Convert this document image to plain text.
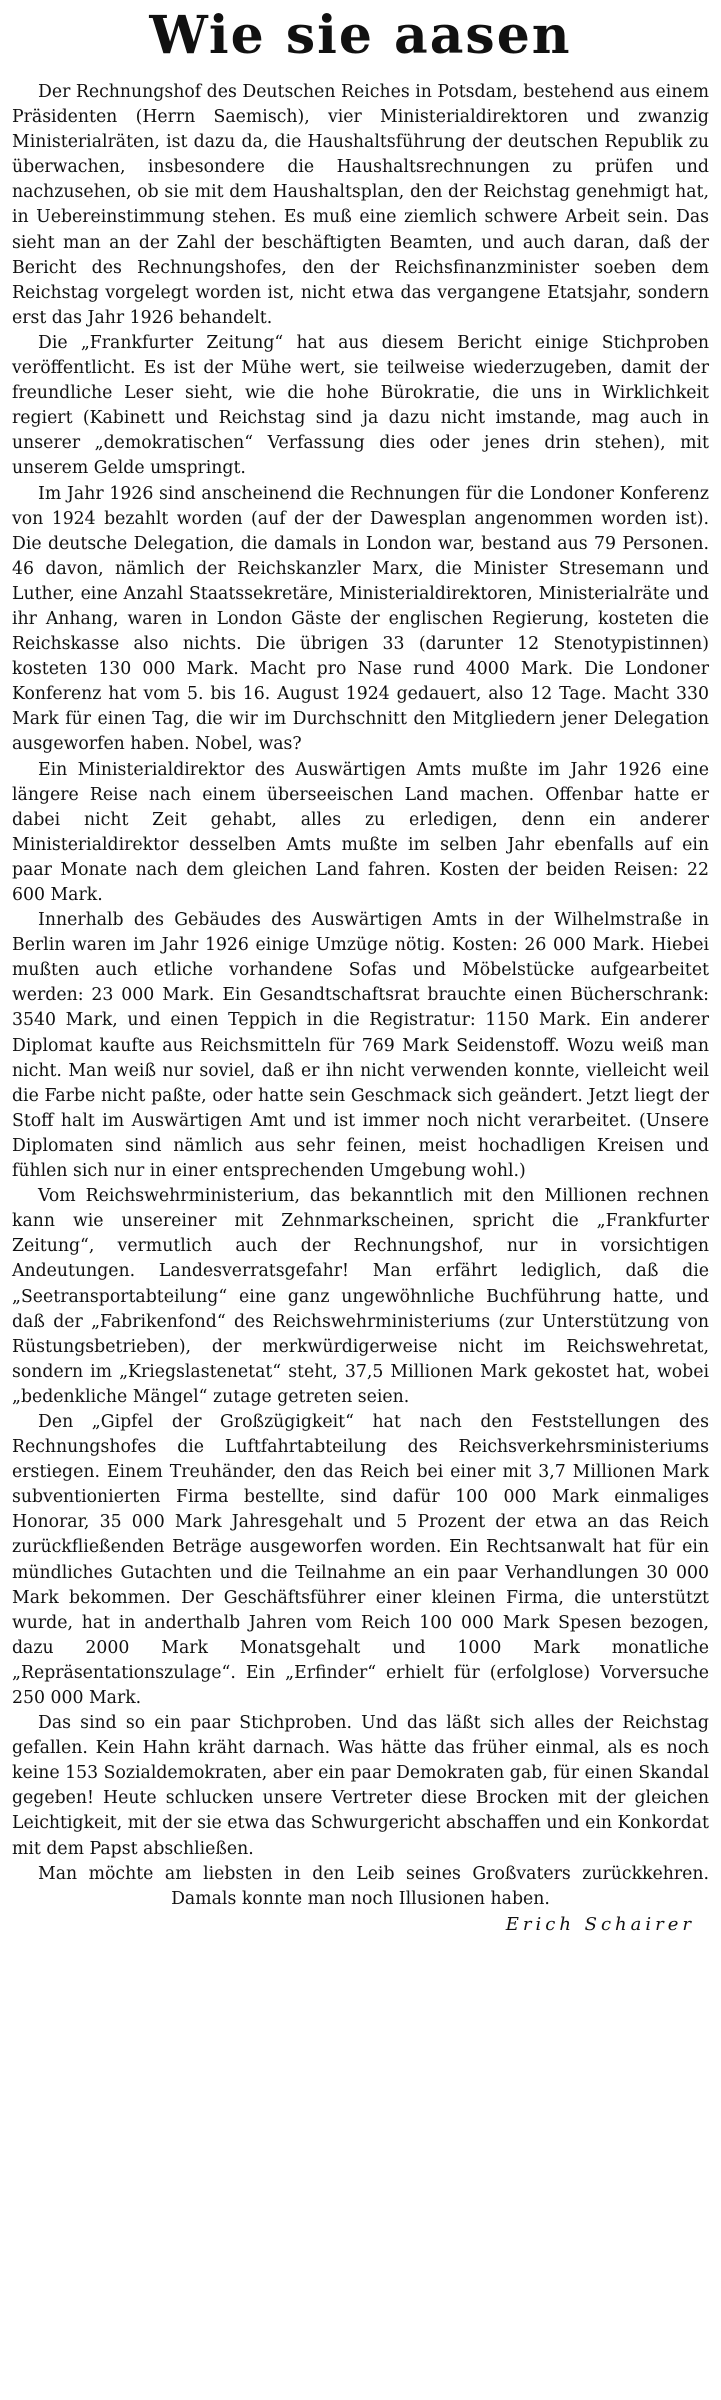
Wie sie aasen

Der Rechnungshof des Deutschen Reiches in Potsdam, bestehend aus einem Präsidenten (Herrn Saemisch), vier Ministerialdirektoren und zwanzig Ministerialräten, ist dazu da, die Haushaltsführung der deutschen Republik zu überwachen, insbesondere die Haushaltsrechnungen zu prüfen und nachzusehen, ob sie mit dem Haushaltsplan, den der Reichstag genehmigt hat, in Uebereinstimmung stehen. Es muß eine ziemlich schwere Arbeit sein. Das sieht man an der Zahl der beschäftigten Beamten, und auch daran, daß der Bericht des Rechnungshofes, den der Reichsfinanzminister soeben dem Reichstag vorgelegt worden ist, nicht etwa das vergangene Etatsjahr, sondern erst das Jahr 1926 behandelt.

Die „Frankfurter Zeitung“ hat aus diesem Bericht einige Stichproben veröffentlicht. Es ist der Mühe wert, sie teilweise wiederzugeben, damit der freundliche Leser sieht, wie die hohe Bürokratie, die uns in Wirklichkeit regiert (Kabinett und Reichstag sind ja dazu nicht imstande, mag auch in unserer „demokratischen“ Verfassung dies oder jenes drin stehen), mit unserem Gelde umspringt.

Im Jahr 1926 sind anscheinend die Rechnungen für die Londoner Konferenz von 1924 bezahlt worden (auf der der Dawesplan angenommen worden ist). Die deutsche Delegation, die damals in London war, bestand aus 79 Personen. 46 davon, nämlich der Reichskanzler Marx, die Minister Stresemann und Luther, eine Anzahl Staatssekretäre, Ministerialdirektoren, Ministerialräte und ihr Anhang, waren in London Gäste der englischen Regierung, kosteten die Reichskasse also nichts. Die übrigen 33 (darunter 12 Stenotypistinnen) kosteten 130 000 Mark. Macht pro Nase rund 4000 Mark. Die Londoner Konferenz hat vom 5. bis 16. August 1924 gedauert, also 12 Tage. Macht 330 Mark für einen Tag, die wir im Durchschnitt den Mitgliedern jener Delegation ausgeworfen haben. Nobel, was?

Ein Ministerialdirektor des Auswärtigen Amts mußte im Jahr 1926 eine längere Reise nach einem überseeischen Land machen. Offenbar hatte er dabei nicht Zeit gehabt, alles zu erledigen, denn ein anderer Ministerialdirektor desselben Amts mußte im selben Jahr ebenfalls auf ein paar Monate nach dem gleichen Land fahren. Kosten der beiden Reisen: 22 600 Mark.

Innerhalb des Gebäudes des Auswärtigen Amts in der Wilhelmstraße in Berlin waren im Jahr 1926 einige Umzüge nötig. Kosten: 26 000 Mark. Hiebei mußten auch etliche vorhandene Sofas und Möbelstücke aufgearbeitet werden: 23 000 Mark. Ein Gesandtschaftsrat brauchte einen Bücherschrank: 3540 Mark, und einen Teppich in die Registratur: 1150 Mark. Ein anderer Diplomat kaufte aus Reichsmitteln für 769 Mark Seidenstoff. Wozu weiß man nicht. Man weiß nur soviel, daß er ihn nicht verwenden konnte, vielleicht weil die Farbe nicht paßte, oder hatte sein Geschmack sich geändert. Jetzt liegt der Stoff halt im Auswärtigen Amt und ist immer noch nicht verarbeitet. (Unsere Diplomaten sind nämlich aus sehr feinen, meist hochadligen Kreisen und fühlen sich nur in einer entsprechenden Umgebung wohl.)

Vom Reichswehrministerium, das bekanntlich mit den Millionen rechnen kann wie unsereiner mit Zehnmarkscheinen, spricht die „Frankfurter Zeitung“, vermutlich auch der Rechnungshof, nur in vorsichtigen Andeutungen. Landesverratsgefahr! Man erfährt lediglich, daß die „Seetransportabteilung“ eine ganz ungewöhnliche Buchführung hatte, und daß der „Fabrikenfond“ des Reichswehrministeriums (zur Unterstützung von Rüstungsbetrieben), der merkwürdigerweise nicht im Reichswehretat, sondern im „Kriegslastenetat“ steht, 37,5 Millionen Mark gekostet hat, wobei „bedenkliche Mängel“ zutage getreten seien.

Den „Gipfel der Großzügigkeit“ hat nach den Feststellungen des Rechnungshofes die Luftfahrtabteilung des Reichsverkehrsministeriums erstiegen. Einem Treuhänder, den das Reich bei einer mit 3,7 Millionen Mark subventionierten Firma bestellte, sind dafür 100 000 Mark einmaliges Honorar, 35 000 Mark Jahresgehalt und 5 Prozent der etwa an das Reich zurückfließenden Beträge ausgeworfen worden. Ein Rechtsanwalt hat für ein mündliches Gutachten und die Teilnahme an ein paar Verhandlungen 30 000 Mark bekommen. Der Geschäftsführer einer kleinen Firma, die unterstützt wurde, hat in anderthalb Jahren vom Reich 100 000 Mark Spesen bezogen, dazu 2000 Mark Monatsgehalt und 1000 Mark monatliche „Repräsentationszulage“. Ein „Erfinder“ erhielt für (erfolglose) Vorversuche 250 000 Mark.

Das sind so ein paar Stichproben. Und das läßt sich alles der Reichstag gefallen. Kein Hahn kräht darnach. Was hätte das früher einmal, als es noch keine 153 Sozialdemokraten, aber ein paar Demokraten gab, für einen Skandal gegeben! Heute schlucken unsere Vertreter diese Brocken mit der gleichen Leichtigkeit, mit der sie etwa das Schwurgericht abschaffen und ein Konkordat mit dem Papst abschließen.

Man möchte am liebsten in den Leib seines Großvaters zurückkehren. Damals konnte man noch Illusionen haben.

Erich Schairer
